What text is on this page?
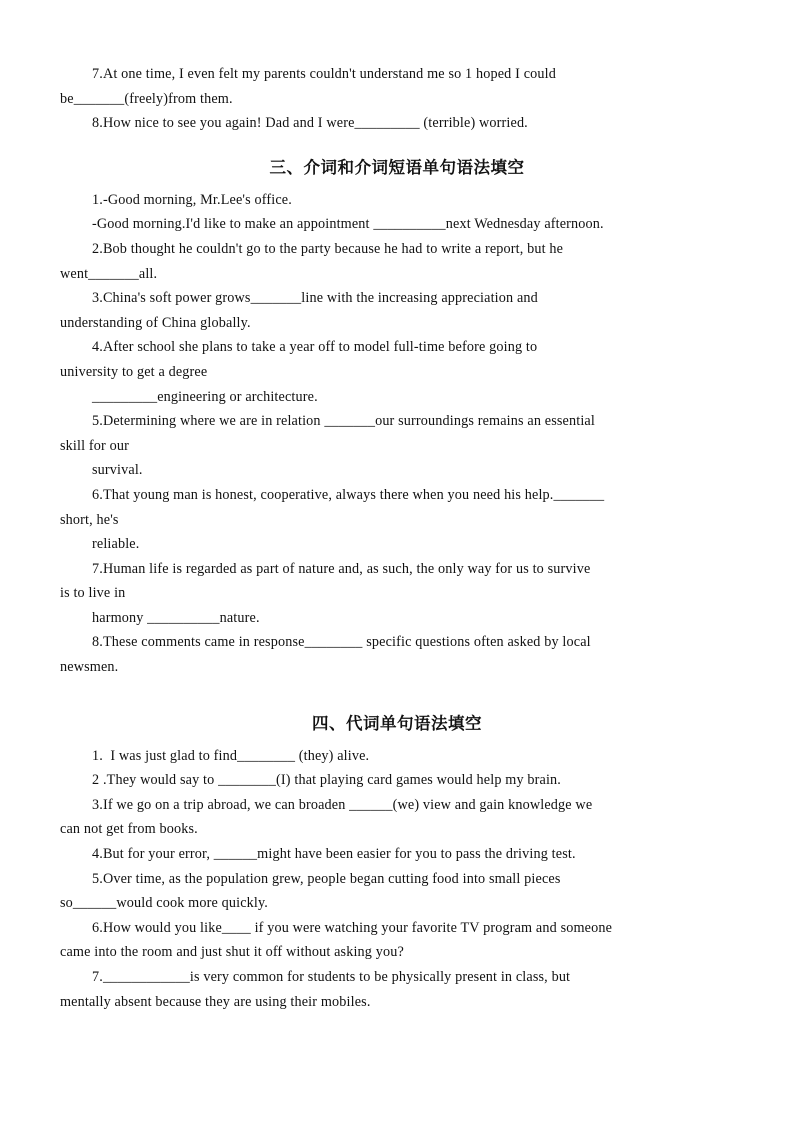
7.At one time, I even felt my parents couldn't understand me so 1 hoped I could
be_______(freely)from them.
8.How nice to see you again! Dad and I were_________ (terrible) worried.
三、介词和介词短语单句语法填空
1.-Good morning, Mr.Lee's office.
-Good morning.I'd like to make an appointment __________next Wednesday afternoon.
2.Bob thought he couldn't go to the party because he had to write a report, but he
went_______all.
3.China's soft power grows_______line with the increasing appreciation and
understanding of China globally.
4.After school she plans to take a year off to model full-time before going to
university to get a degree
_________engineering or architecture.
5.Determining where we are in relation _______our surroundings remains an essential
skill for our
survival.
6.That young man is honest, cooperative, always there when you need his help._______
short, he's
reliable.
7.Human life is regarded as part of nature and, as such, the only way for us to survive
is to live in
harmony __________nature.
8.These comments came in response________ specific questions often asked by local
newsmen.
四、代词单句语法填空
1.  I was just glad to find________ (they) alive.
2 .They would say to ________(I) that playing card games would help my brain.
3.If we go on a trip abroad, we can broaden ______(we) view and gain knowledge we
can not get from books.
4.But for your error, ______might have been easier for you to pass the driving test.
5.Over time, as the population grew, people began cutting food into small pieces
so______would cook more quickly.
6.How would you like____ if you were watching your favorite TV program and someone
came into the room and just shut it off without asking you?
7.____________is very common for students to be physically present in class, but
mentally absent because they are using their mobiles.
